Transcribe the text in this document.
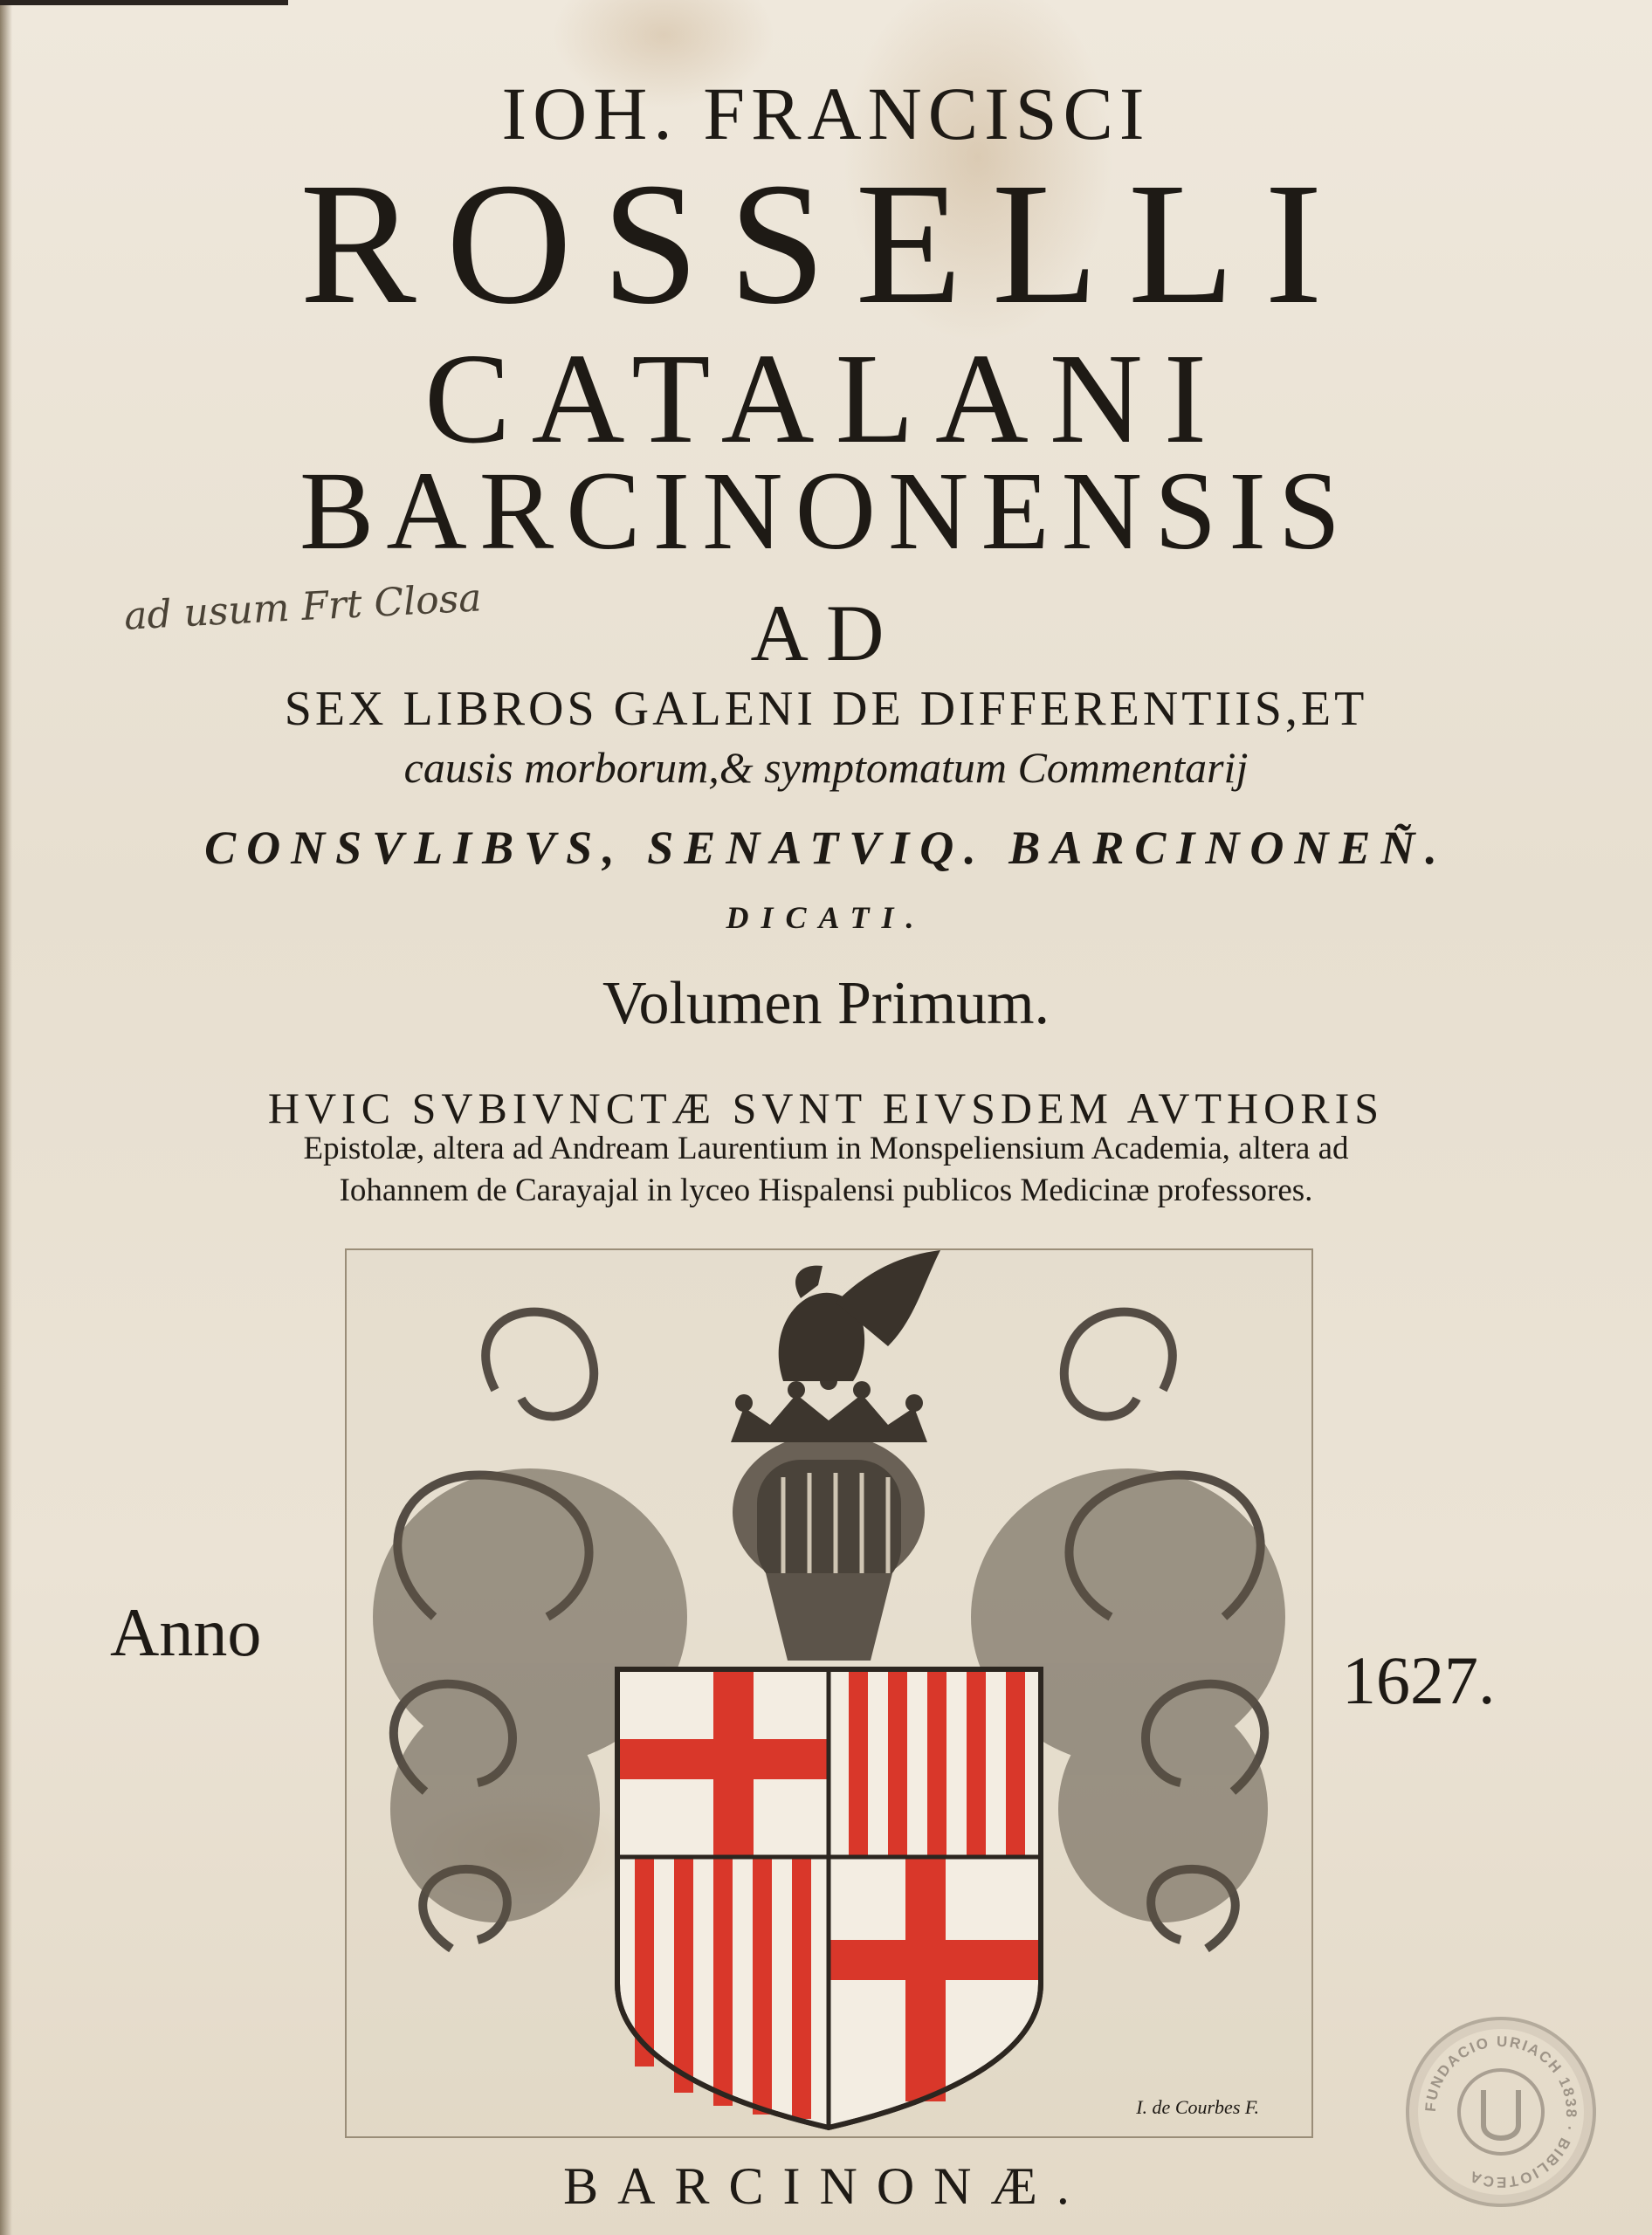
IOH. FRANCISCI
ROSSELLI
CATALANI
BARCINONENSIS
ad usum Frt Closa	AD
SEX LIBROS GALENI DE DIFFERENTIIS,ET
causis morborum,& symptomatum Commentarij
CONSVLIBVS, SENATVIQ. BARCINONEÑ.
DICATI.
Volumen Primum.
HVIC SVBIVNCTÆ SVNT EIVSDEM AVTHORIS
Epistolæ, altera ad Andream Laurentium in Monspeliensium Academia, altera ad
Iohannem de Carayajal in lyceo Hispalensi publicos Medicinæ professores.
Anno
1627.
I. de Courbes F.	FUNDACIO URIACH 1838 · BIBLIOTECA
BARCINONÆ.
